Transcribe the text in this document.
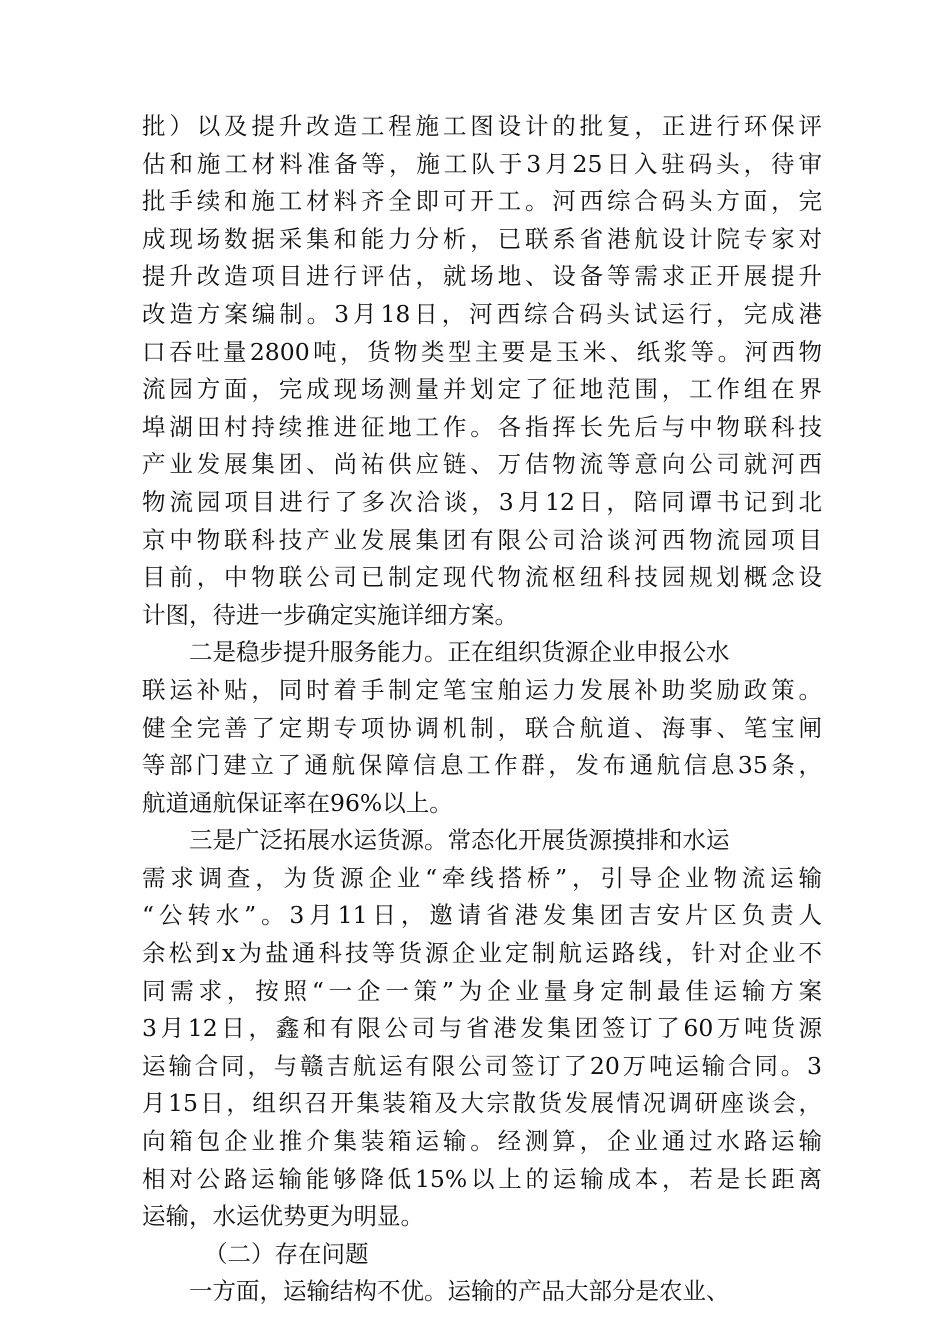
批）以及提升改造工程施工图设计的批复，正进行环保评
估和施工材料准备等，施工队于3月25日入驻码头，待审
批手续和施工材料齐全即可开工。河西综合码头方面，完
成现场数据采集和能力分析，已联系省港航设计院专家对
提升改造项目进行评估，就场地、设备等需求正开展提升
改造方案编制。3月18日，河西综合码头试运行，完成港
口吞吐量2800吨，货物类型主要是玉米、纸浆等。河西物
流园方面，完成现场测量并划定了征地范围，工作组在界
埠湖田村持续推进征地工作。各指挥长先后与中物联科技
产业发展集团、尚祐供应链、万佶物流等意向公司就河西
物流园项目进行了多次洽谈，3月12日，陪同谭书记到北
京中物联科技产业发展集团有限公司洽谈河西物流园项目
目前，中物联公司已制定现代物流枢纽科技园规划概念设
计图，待进一步确定实施详细方案。
二是稳步提升服务能力。正在组织货源企业申报公水
联运补贴，同时着手制定笔宝舶运力发展补助奖励政策。
健全完善了定期专项协调机制，联合航道、海事、笔宝闸
等部门建立了通航保障信息工作群，发布通航信息35条，
航道通航保证率在96%以上。
三是广泛拓展水运货源。常态化开展货源摸排和水运
需求调查，为货源企业“牵线搭桥”，引导企业物流运输
“公转水”。3月11日，邀请省港发集团吉安片区负责人
余松到x为盐通科技等货源企业定制航运路线，针对企业不
同需求，按照“一企一策”为企业量身定制最佳运输方案
3月12日，鑫和有限公司与省港发集团签订了60万吨货源
运输合同，与赣吉航运有限公司签订了20万吨运输合同。3
月15日，组织召开集装箱及大宗散货发展情况调研座谈会，
向箱包企业推介集装箱运输。经测算，企业通过水路运输
相对公路运输能够降低15%以上的运输成本，若是长距离
运输，水运优势更为明显。
（二）存在问题
一方面，运输结构不优。运输的产品大部分是农业、
